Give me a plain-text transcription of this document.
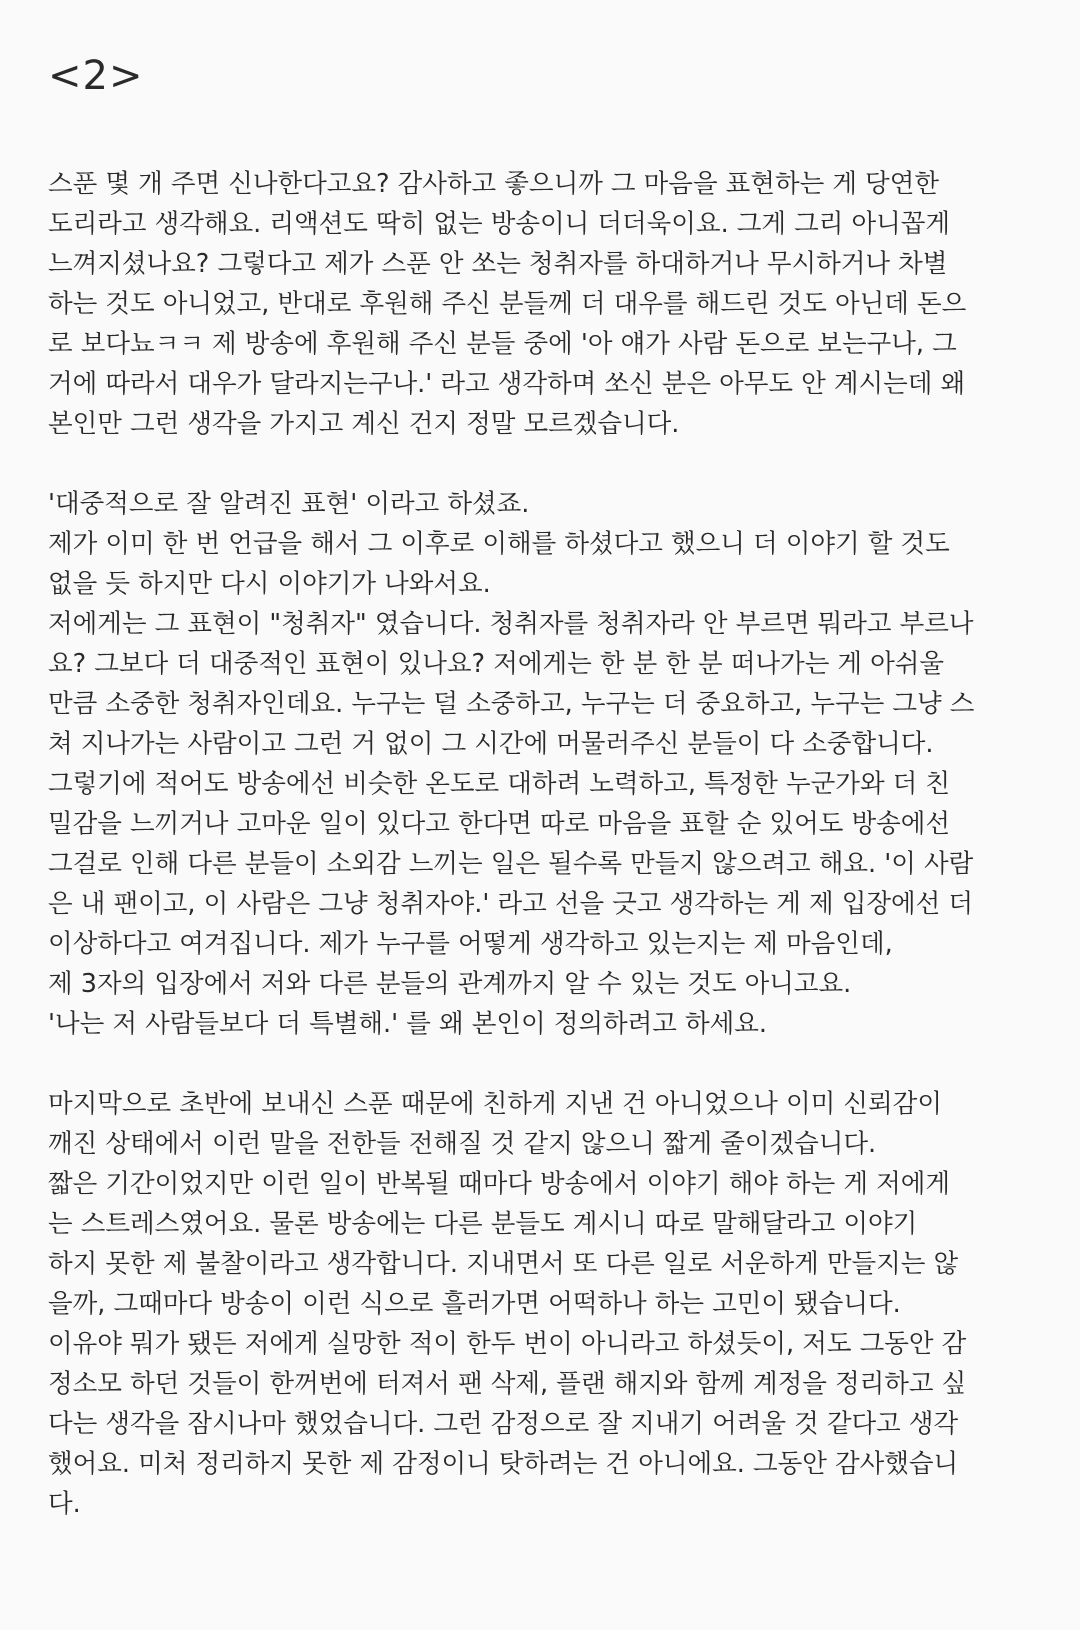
<2>
스푼 몇 개 주면 신나한다고요? 감사하고 좋으니까 그 마음을 표현하는 게 당연한
도리라고 생각해요. 리액션도 딱히 없는 방송이니 더더욱이요. 그게 그리 아니꼽게
느껴지셨나요? 그렇다고 제가 스푼 안 쏘는 청취자를 하대하거나 무시하거나 차별
하는 것도 아니었고, 반대로 후원해 주신 분들께 더 대우를 해드린 것도 아닌데 돈으
로 보다뇨ㅋㅋ 제 방송에 후원해 주신 분들 중에 '아 얘가 사람 돈으로 보는구나, 그
거에 따라서 대우가 달라지는구나.' 라고 생각하며 쏘신 분은 아무도 안 계시는데 왜
본인만 그런 생각을 가지고 계신 건지 정말 모르겠습니다.
'대중적으로 잘 알려진 표현' 이라고 하셨죠.
제가 이미 한 번 언급을 해서 그 이후로 이해를 하셨다고 했으니 더 이야기 할 것도
없을 듯 하지만 다시 이야기가 나와서요.
저에게는 그 표현이 "청취자" 였습니다. 청취자를 청취자라 안 부르면 뭐라고 부르나
요? 그보다 더 대중적인 표현이 있나요? 저에게는 한 분 한 분 떠나가는 게 아쉬울
만큼 소중한 청취자인데요. 누구는 덜 소중하고, 누구는 더 중요하고, 누구는 그냥 스
쳐 지나가는 사람이고 그런 거 없이 그 시간에 머물러주신 분들이 다 소중합니다.
그렇기에 적어도 방송에선 비슷한 온도로 대하려 노력하고, 특정한 누군가와 더 친
밀감을 느끼거나 고마운 일이 있다고 한다면 따로 마음을 표할 순 있어도 방송에선
그걸로 인해 다른 분들이 소외감 느끼는 일은 될수록 만들지 않으려고 해요. '이 사람
은 내 팬이고, 이 사람은 그냥 청취자야.' 라고 선을 긋고 생각하는 게 제 입장에선 더
이상하다고 여겨집니다. 제가 누구를 어떻게 생각하고 있는지는 제 마음인데,
제 3자의 입장에서 저와 다른 분들의 관계까지 알 수 있는 것도 아니고요.
'나는 저 사람들보다 더 특별해.' 를 왜 본인이 정의하려고 하세요.
마지막으로 초반에 보내신 스푼 때문에 친하게 지낸 건 아니었으나 이미 신뢰감이
깨진 상태에서 이런 말을 전한들 전해질 것 같지 않으니 짧게 줄이겠습니다.
짧은 기간이었지만 이런 일이 반복될 때마다 방송에서 이야기 해야 하는 게 저에게
는 스트레스였어요. 물론 방송에는 다른 분들도 계시니 따로 말해달라고 이야기
하지 못한 제 불찰이라고 생각합니다. 지내면서 또 다른 일로 서운하게 만들지는 않
을까, 그때마다 방송이 이런 식으로 흘러가면 어떡하나 하는 고민이 됐습니다.
이유야 뭐가 됐든 저에게 실망한 적이 한두 번이 아니라고 하셨듯이, 저도 그동안 감
정소모 하던 것들이 한꺼번에 터져서 팬 삭제, 플랜 해지와 함께 계정을 정리하고 싶
다는 생각을 잠시나마 했었습니다. 그런 감정으로 잘 지내기 어려울 것 같다고 생각
했어요. 미처 정리하지 못한 제 감정이니 탓하려는 건 아니에요. 그동안 감사했습니
다.
